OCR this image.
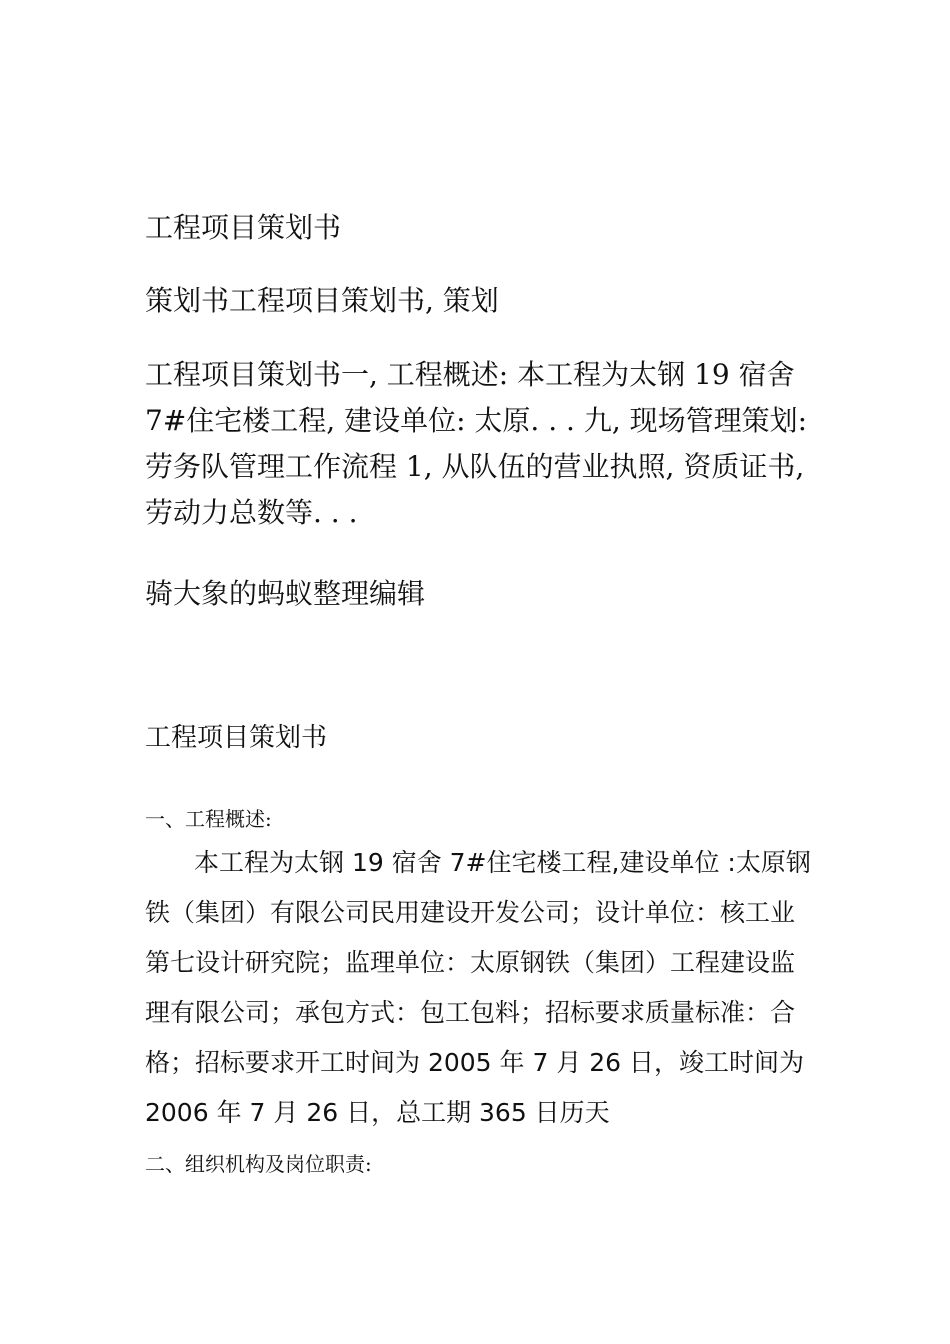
工程项目策划书
策划书工程项目策划书, 策划
工程项目策划书一, 工程概述: 本工程为太钢 19 宿舍
7#住宅楼工程, 建设单位: 太原. . . 九, 现场管理策划:
劳务队管理工作流程 1, 从队伍的营业执照, 资质证书,
劳动力总数等. . .
骑大象的蚂蚁整理编辑
工程项目策划书
一、工程概述:
本工程为太钢 19 宿舍 7#住宅楼工程,建设单位 :太原钢
铁（集团）有限公司民用建设开发公司；设计单位：核工业
第七设计研究院；监理单位：太原钢铁（集团）工程建设监
理有限公司；承包方式：包工包料；招标要求质量标准：合
格；招标要求开工时间为 2005 年 7 月 26 日，竣工时间为
2006 年 7 月 26 日，总工期 365 日历天
二、组织机构及岗位职责:
